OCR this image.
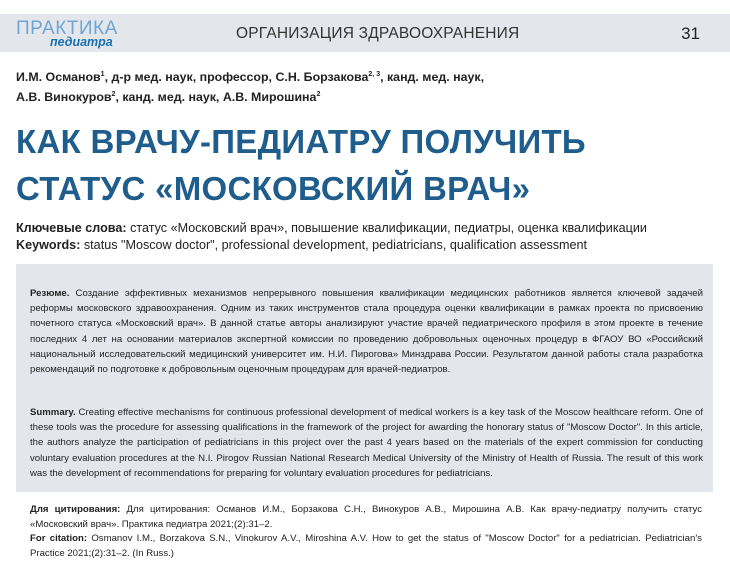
ПРАКТИКА
педиатра	ОРГАНИЗАЦИЯ ЗДРАВООХРАНЕНИЯ	31
И.М. Османов$^1$, д-р мед. наук, профессор, С.Н. Борзакова$^{2, 3}$, канд. мед. наук,
А.В. Винокуров$^2$, канд. мед. наук, А.В. Мирошина$^2$
КАК ВРАЧУ-ПЕДИАТРУ ПОЛУЧИТЬ
СТАТУС «МОСКОВСКИЙ ВРАЧ»
Ключевые слова: статус «Московский врач», повышение квалификации, педиатры, оценка квалификации
Keywords: status "Moscow doctor", professional development, pediatricians, qualification assessment
Резюме. Создание эффективных механизмов непрерывного повышения квалификации медицинских работников является ключевой задачей реформы московского здравоохранения. Одним из таких инструментов стала процедура оценки квалификации в рамках проекта по присвоению почетного статуса «Московский врач». В данной статье авторы анализируют участие врачей педиатрического профиля в этом проекте в течение последних 4 лет на основании материалов экспертной комиссии по проведению добровольных оценочных процедур в ФГАОУ ВО «Российский национальный исследовательский медицинский университет им. Н.И. Пирогова» Минздрава России. Результатом данной работы стала разработка рекомендаций по подготовке к добровольным оценочным процедурам для врачей-педиатров.
Summary. Creating effective mechanisms for continuous professional development of medical workers is a key task of the Moscow healthcare reform. One of these tools was the procedure for assessing qualifications in the framework of the project for awarding the honorary status of "Moscow Doctor". In this article, the authors analyze the participation of pediatricians in this project over the past 4 years based on the materials of the expert commission for conducting voluntary evaluation procedures at the N.I. Pirogov Russian National Research Medical University of the Ministry of Health of Russia. The result of this work was the development of recommendations for preparing for voluntary evaluation procedures for pediatricians.
Для цитирования: Для цитирования: Османов И.М., Борзакова С.Н., Винокуров А.В., Мирошина А.В. Как врачу-педиатру получить статус «Московский врач». Практика педиатра 2021;(2):31–2.
For citation: Osmanov I.M., Borzakova S.N., Vinokurov A.V., Miroshina A.V. How to get the status of "Moscow Doctor" for a pediatrician. Pediatrician's Practice 2021;(2):31–2. (In Russ.)
